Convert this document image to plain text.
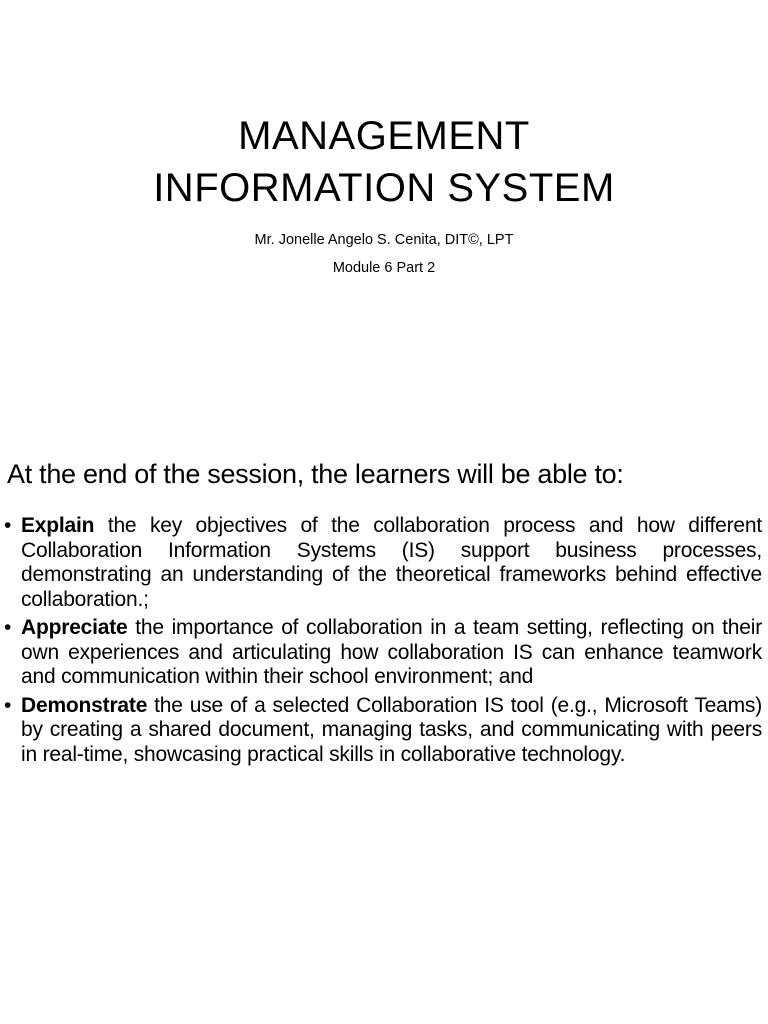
MANAGEMENT
INFORMATION SYSTEM
Mr. Jonelle Angelo S. Cenita, DIT©, LPT
Module 6 Part 2
At the end of the session, the learners will be able to:
• Explain the key objectives of the collaboration process and how different Collaboration Information Systems (IS) support business processes, demonstrating an understanding of the theoretical frameworks behind effective collaboration.;
• Appreciate the importance of collaboration in a team setting, reflecting on their own experiences and articulating how collaboration IS can enhance teamwork and communication within their school environment; and
• Demonstrate the use of a selected Collaboration IS tool (e.g., Microsoft Teams) by creating a shared document, managing tasks, and communicating with peers in real-time, showcasing practical skills in collaborative technology.
